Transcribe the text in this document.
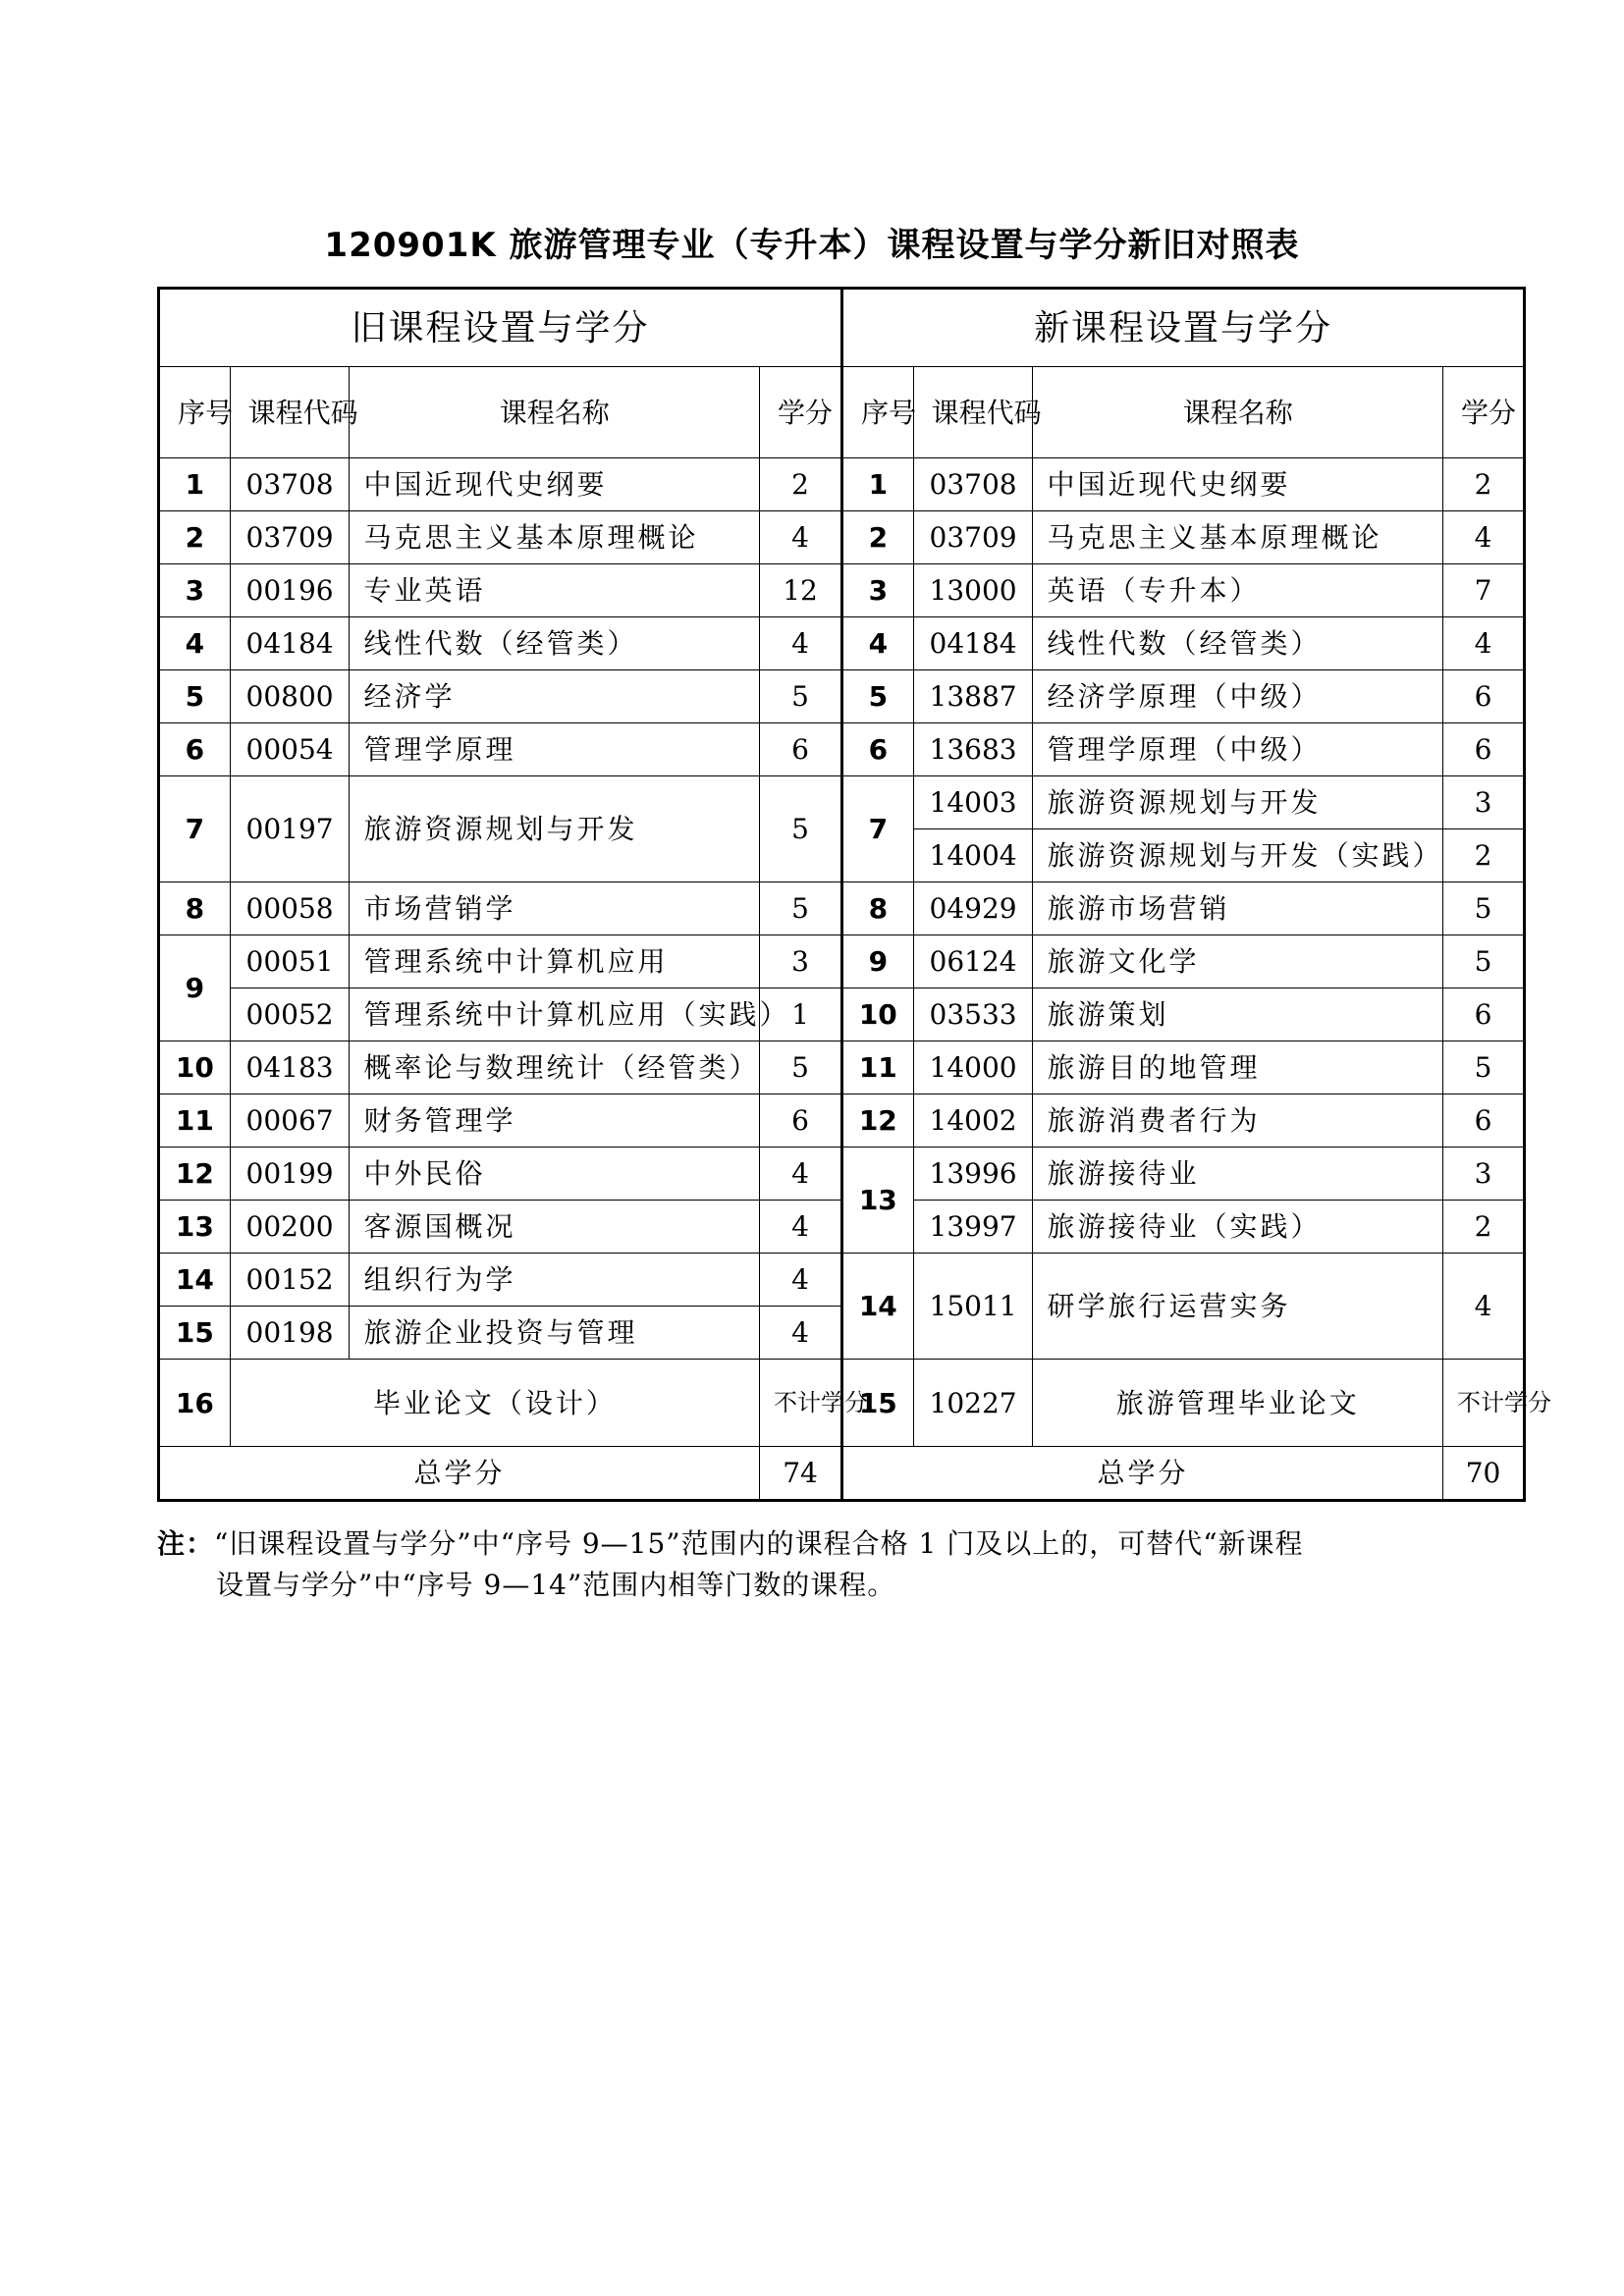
120901K 旅游管理专业（专升本）课程设置与学分新旧对照表
旧课程设置与学分				新课程设置与学分			
序号	课程代码	课程名称	学分	序号	课程代码	课程名称	学分
1	03708	中国近现代史纲要	2	1	03708	中国近现代史纲要	2
2	03709	马克思主义基本原理概论	4	2	03709	马克思主义基本原理概论	4
3	00196	专业英语	12	3	13000	英语（专升本）	7
4	04184	线性代数（经管类）	4	4	04184	线性代数（经管类）	4
5	00800	经济学	5	5	13887	经济学原理（中级）	6
6	00054	管理学原理	6	6	13683	管理学原理（中级）	6
7	00197	旅游资源规划与开发	5	7	14003	旅游资源规划与开发	3
					14004	旅游资源规划与开发（实践）	2
8	00058	市场营销学	5	8	04929	旅游市场营销	5
9	00051	管理系统中计算机应用	3	9	06124	旅游文化学	5
	00052	管理系统中计算机应用（实践）	1	10	03533	旅游策划	6
10	04183	概率论与数理统计（经管类）	5	11	14000	旅游目的地管理	5
11	00067	财务管理学	6	12	14002	旅游消费者行为	6
12	00199	中外民俗	4	13	13996	旅游接待业	3
13	00200	客源国概况	4		13997	旅游接待业（实践）	2
14	00152	组织行为学	4	14	15011	研学旅行运营实务	4
15	00198	旅游企业投资与管理	4				
16	毕业论文（设计）		不计学分	15	10227	旅游管理毕业论文	不计学分
总学分			74	总学分			70
注：“旧课程设置与学分”中“序号 9—15”范围内的课程合格 1 门及以上的，可替代“新课程
设置与学分”中“序号 9—14”范围内相等门数的课程。
